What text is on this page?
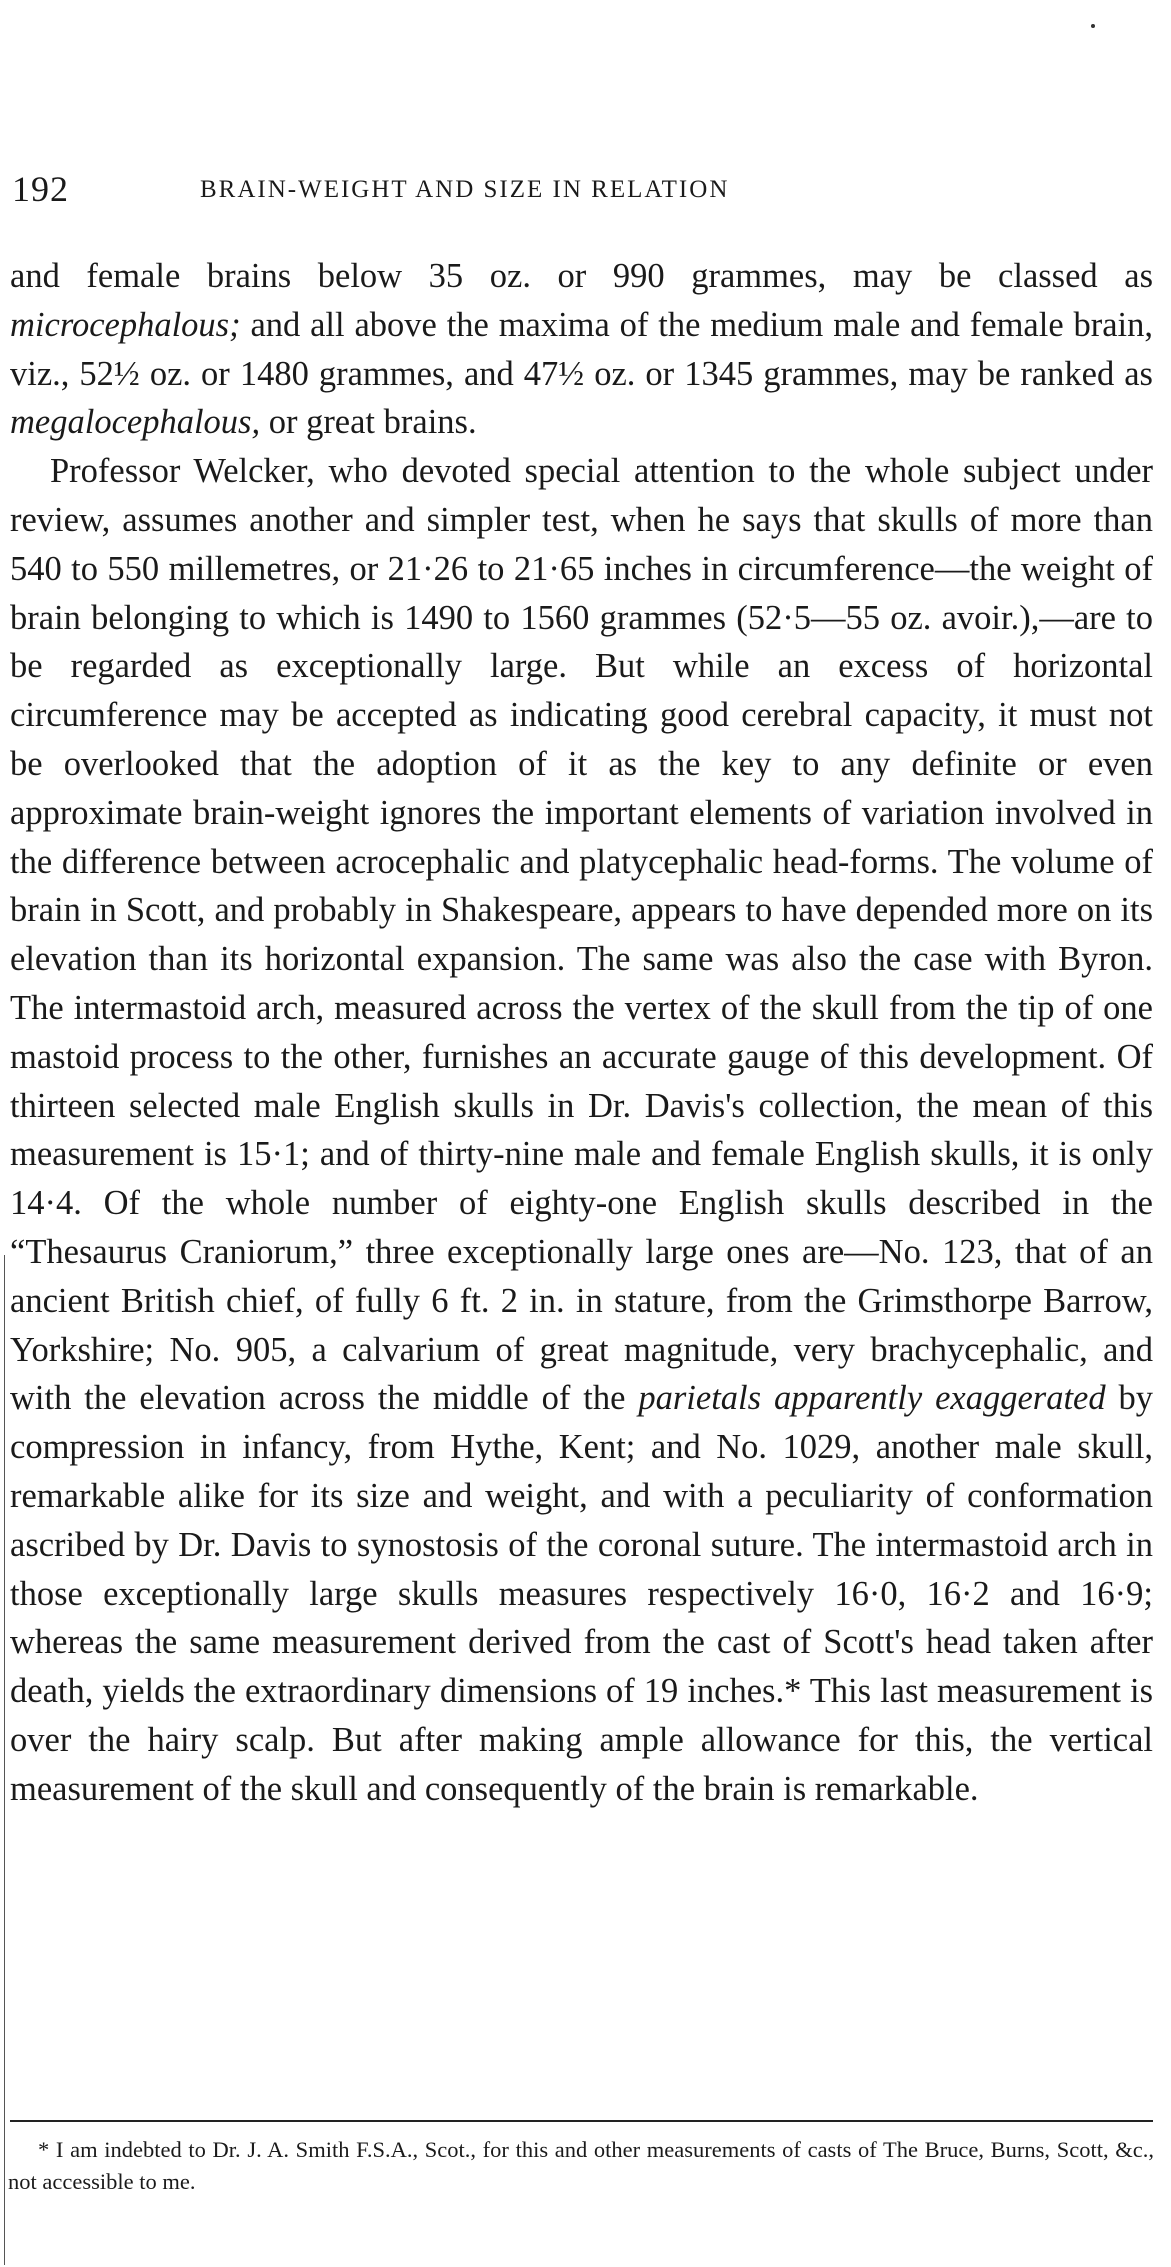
192	BRAIN-WEIGHT AND SIZE IN RELATION

and female brains below 35 oz. or 990 grammes, may be classed as microcephalous; and all above the maxima of the medium male and female brain, viz., 52½ oz. or 1480 grammes, and 47½ oz. or 1345 grammes, may be ranked as megalocephalous, or great brains.

Professor Welcker, who devoted special attention to the whole subject under review, assumes another and simpler test, when he says that skulls of more than 540 to 550 millemetres, or 21·26 to 21·65 inches in circumference—the weight of brain belonging to which is 1490 to 1560 grammes (52·5—55 oz. avoir.),—are to be regarded as exceptionally large. But while an excess of horizontal circumference may be accepted as indicating good cerebral capacity, it must not be overlooked that the adoption of it as the key to any definite or even approximate brain-weight ignores the important elements of variation involved in the difference between acrocephalic and platycephalic head-forms. The volume of brain in Scott, and probably in Shakespeare, appears to have depended more on its elevation than its horizontal expansion. The same was also the case with Byron. The intermastoid arch, measured across the vertex of the skull from the tip of one mastoid process to the other, furnishes an accurate gauge of this development. Of thirteen selected male English skulls in Dr. Davis's collection, the mean of this measurement is 15·1; and of thirty-nine male and female English skulls, it is only 14·4. Of the whole number of eighty-one English skulls described in the “Thesaurus Craniorum,” three exceptionally large ones are—No. 123, that of an ancient British chief, of fully 6 ft. 2 in. in stature, from the Grimsthorpe Barrow, Yorkshire; No. 905, a calvarium of great magnitude, very brachycephalic, and with the elevation across the middle of the parietals apparently exaggerated by compression in infancy, from Hythe, Kent; and No. 1029, another male skull, remarkable alike for its size and weight, and with a peculiarity of conformation ascribed by Dr. Davis to synostosis of the coronal suture. The intermastoid arch in those exceptionally large skulls measures respectively 16·0, 16·2 and 16·9; whereas the same measurement derived from the cast of Scott's head taken after death, yields the extraordinary dimensions of 19 inches.* This last measurement is over the hairy scalp. But after making ample allowance for this, the vertical measurement of the skull and consequently of the brain is remarkable.

* I am indebted to Dr. J. A. Smith F.S.A., Scot., for this and other measurements of casts of The Bruce, Burns, Scott, &c., not accessible to me.
